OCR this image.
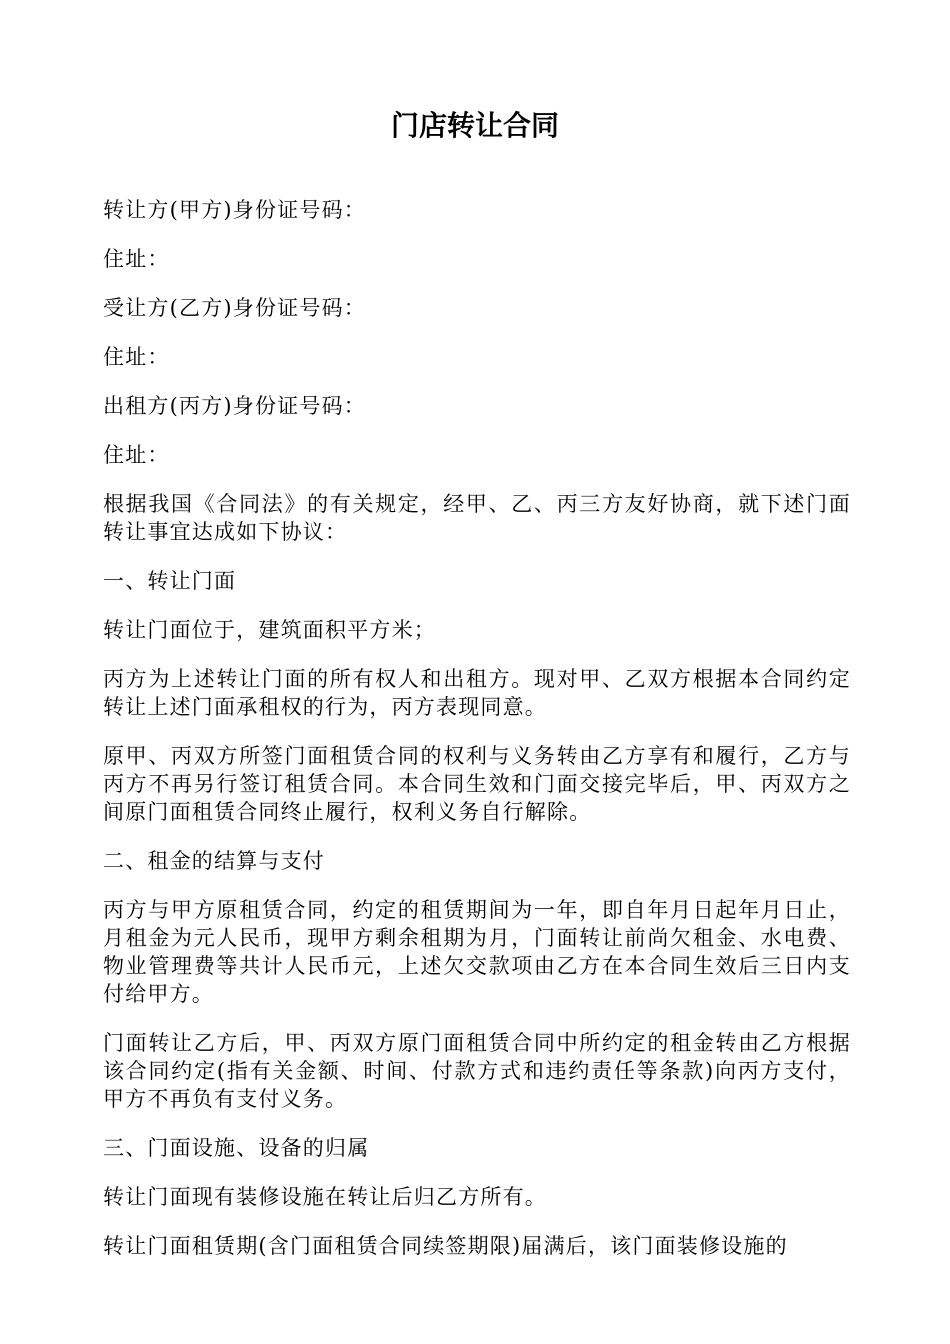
门店转让合同

转让方(甲方)身份证号码：

住址：

受让方(乙方)身份证号码：

住址：

出租方(丙方)身份证号码：

住址：

根据我国《合同法》的有关规定，经甲、乙、丙三方友好协商，就下述门面转让事宜达成如下协议：

一、转让门面

转让门面位于，建筑面积平方米；

丙方为上述转让门面的所有权人和出租方。现对甲、乙双方根据本合同约定转让上述门面承租权的行为，丙方表现同意。

原甲、丙双方所签门面租赁合同的权利与义务转由乙方享有和履行，乙方与丙方不再另行签订租赁合同。本合同生效和门面交接完毕后，甲、丙双方之间原门面租赁合同终止履行，权利义务自行解除。

二、租金的结算与支付

丙方与甲方原租赁合同，约定的租赁期间为一年，即自年月日起年月日止，月租金为元人民币，现甲方剩余租期为月，门面转让前尚欠租金、水电费、物业管理费等共计人民币元，上述欠交款项由乙方在本合同生效后三日内支付给甲方。

门面转让乙方后，甲、丙双方原门面租赁合同中所约定的租金转由乙方根据该合同约定(指有关金额、时间、付款方式和违约责任等条款)向丙方支付，甲方不再负有支付义务。

三、门面设施、设备的归属

转让门面现有装修设施在转让后归乙方所有。

转让门面租赁期(含门面租赁合同续签期限)届满后，该门面装修设施的
